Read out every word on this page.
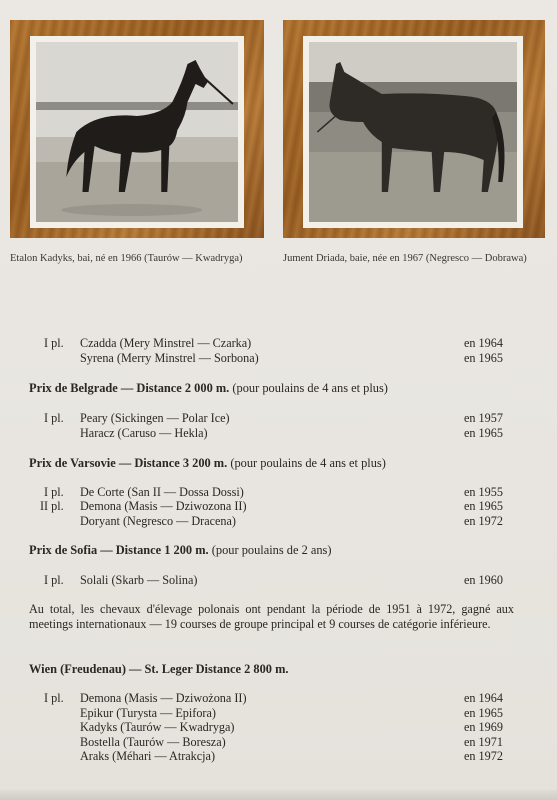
Etalon Kadyks, bai, né en 1966 (Taurów — Kwadryga)	Jument Driada, baie, née en 1967 (Negresco — Dobrawa)
I pl. Czadda (Mery Minstrel — Czarka)	en 1964
Syrena (Merry Minstrel — Sorbona)	en 1965
Prix de Belgrade — Distance 2 000 m. (pour poulains de 4 ans et plus)
I pl. Peary (Sickingen — Polar Ice)	en 1957
Haracz (Caruso — Hekla)	en 1965
Prix de Varsovie — Distance 3 200 m. (pour poulains de 4 ans et plus)
I pl. De Corte (San II — Dossa Dossi)	en 1955
II pl. Demona (Masis — Dziwozona II)	en 1965
Doryant (Negresco — Dracena)	en 1972
Prix de Sofia — Distance 1 200 m. (pour poulains de 2 ans)
I pl. Solali (Skarb — Solina)	en 1960
Au total, les chevaux d'élevage polonais ont pendant la période de 1951 à 1972, gagné aux meetings internationaux — 19 courses de groupe principal et 9 courses de catégorie inférieure.
Wien (Freudenau) — St. Leger Distance 2 800 m.
I pl. Demona (Masis — Dziwożona II)	en 1964
Epikur (Turysta — Epifora)	en 1965
Kadyks (Taurów — Kwadryga)	en 1969
Bostella (Taurów — Boresza)	en 1971
Araks (Méhari — Atrakcja)	en 1972
